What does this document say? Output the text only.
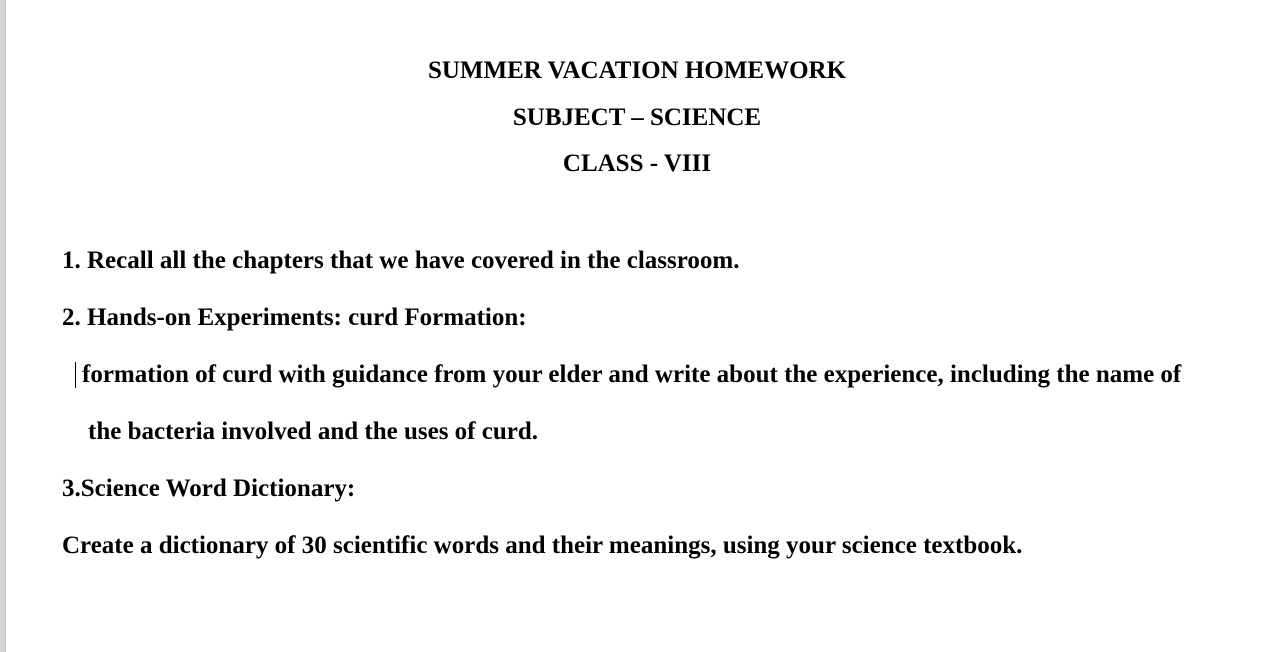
SUMMER VACATION HOMEWORK
SUBJECT – SCIENCE
CLASS - VIII
1. Recall all the chapters that we have covered in the classroom.
2. Hands-on Experiments: curd Formation:
formation of curd with guidance from your elder and write about the experience, including the name of
the bacteria involved and the uses of curd.
3.Science Word Dictionary:
Create a dictionary of 30 scientific words and their meanings, using your science textbook.
